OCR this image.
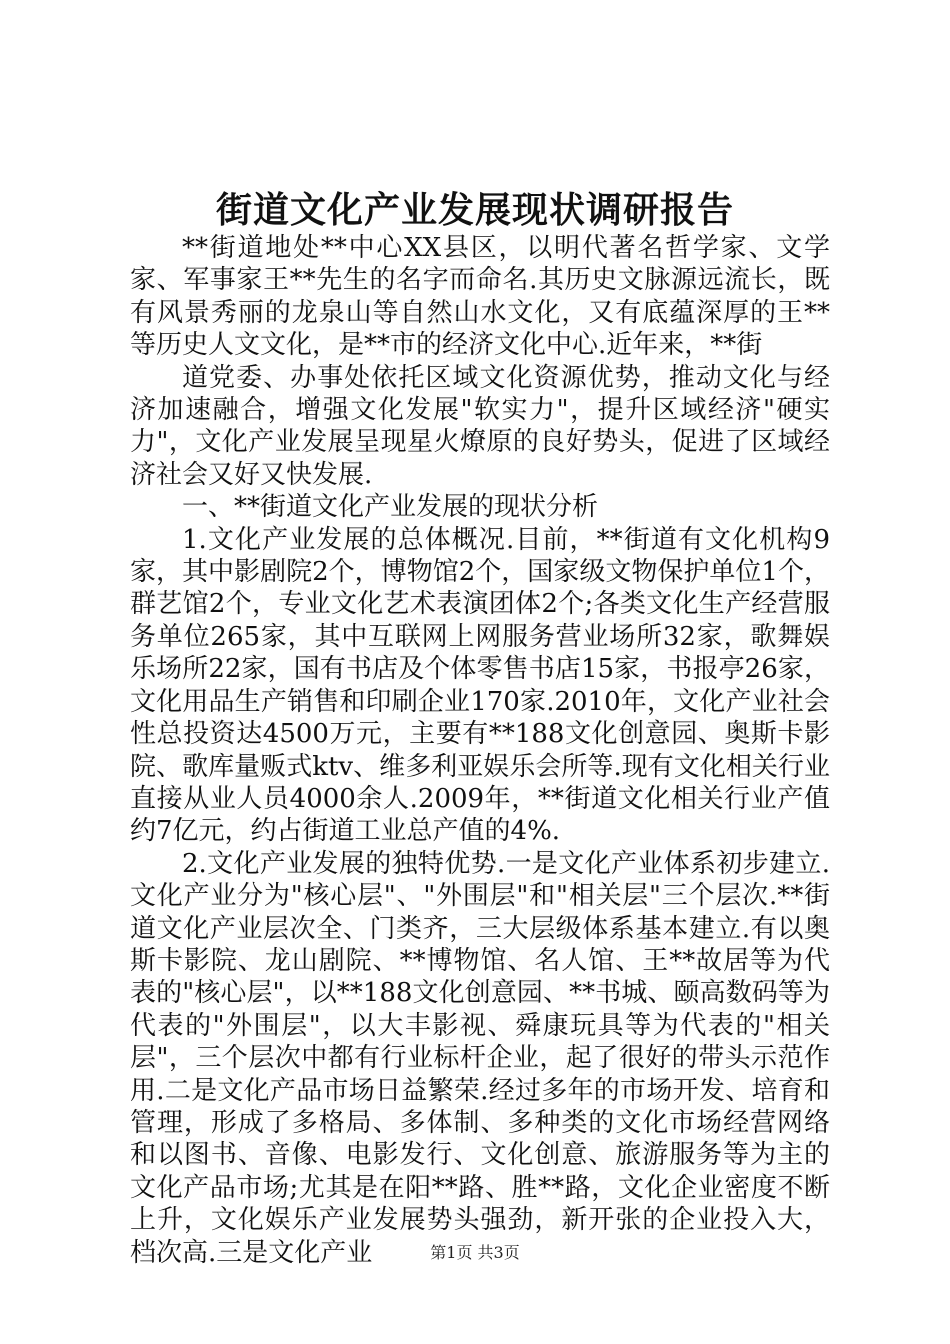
街道文化产业发展现状调研报告

**街道地处**中心XX县区，以明代著名哲学家、文学家、军事家王**先生的名字而命名.其历史文脉源远流长，既有风景秀丽的龙泉山等自然山水文化，又有底蕴深厚的王**等历史人文文化，是**市的经济文化中心.近年来，**街

道党委、办事处依托区域文化资源优势，推动文化与经济加速融合，增强文化发展"软实力"，提升区域经济"硬实力"，文化产业发展呈现星火燎原的良好势头，促进了区域经济社会又好又快发展.

一、**街道文化产业发展的现状分析

1.文化产业发展的总体概况.目前，**街道有文化机构9家，其中影剧院2个，博物馆2个，国家级文物保护单位1个，群艺馆2个，专业文化艺术表演团体2个;各类文化生产经营服务单位265家，其中互联网上网服务营业场所32家，歌舞娱乐场所22家，国有书店及个体零售书店15家，书报亭26家，文化用品生产销售和印刷企业170家.2010年，文化产业社会性总投资达4500万元，主要有**188文化创意园、奥斯卡影院、歌库量贩式ktv、维多利亚娱乐会所等.现有文化相关行业直接从业人员4000余人.2009年，**街道文化相关行业产值约7亿元，约占街道工业总产值的4%.

2.文化产业发展的独特优势.一是文化产业体系初步建立.文化产业分为"核心层"、"外围层"和"相关层"三个层次.**街道文化产业层次全、门类齐，三大层级体系基本建立.有以奥斯卡影院、龙山剧院、**博物馆、名人馆、王**故居等为代表的"核心层"，以**188文化创意园、**书城、颐高数码等为代表的"外围层"，以大丰影视、舜康玩具等为代表的"相关层"，三个层次中都有行业标杆企业，起了很好的带头示范作用.二是文化产品市场日益繁荣.经过多年的市场开发、培育和管理，形成了多格局、多体制、多种类的文化市场经营网络和以图书、音像、电影发行、文化创意、旅游服务等为主的文化产品市场;尤其是在阳**路、胜**路，文化企业密度不断上升，文化娱乐产业发展势头强劲，新开张的企业投入大，档次高.三是文化产业	第1页 共3页
